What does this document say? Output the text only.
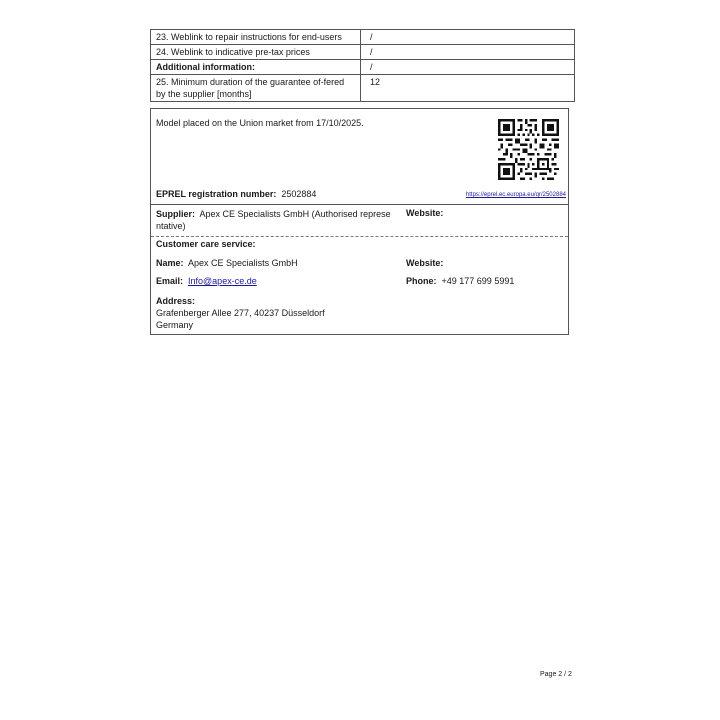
23. Weblink to repair instructions for end-users	/
24. Weblink to indicative pre-tax prices	/
Additional information:	/
25. Minimum duration of the guarantee of-fered by the supplier [months]	12
Model placed on the Union market from 17/10/2025.
EPREL registration number: 2502884	https://eprel.ec.europa.eu/qr/2502884
Supplier: Apex CE Specialists GmbH (Authorised represe ntative)
Website:
Customer care service:
Name: Apex CE Specialists GmbH	Website:
Email: Info@apex-ce.de	Phone: +49 177 699 5991
Address:
Grafenberger Allee 277, 40237 Düsseldorf
Germany
Page 2 / 2
